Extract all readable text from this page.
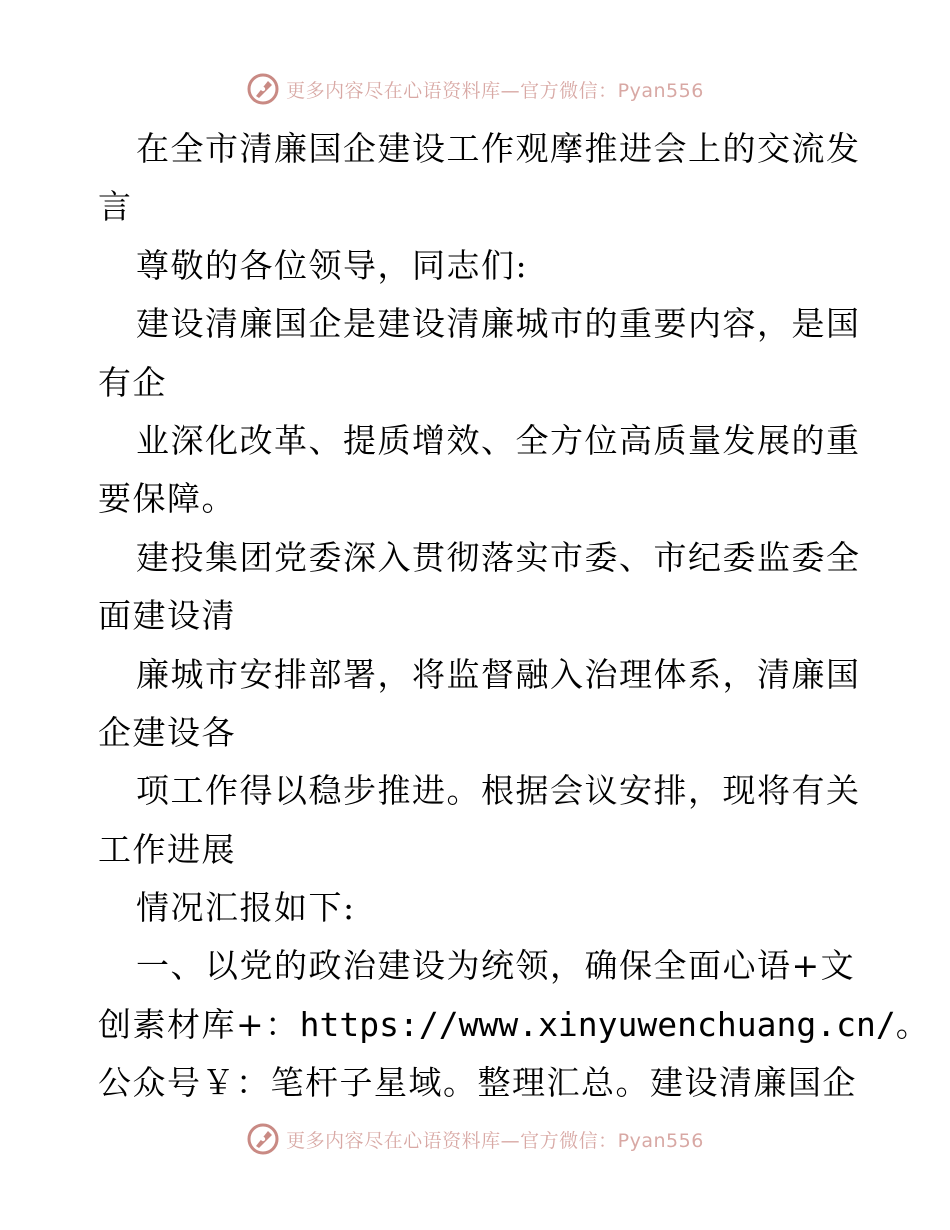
更多内容尽在心语资料库—官方微信：Pyan556
在全市清廉国企建设工作观摩推进会上的交流发
言
尊敬的各位领导，同志们:
建设清廉国企是建设清廉城市的重要内容，是国
有企
业深化改革、提质增效、全方位高质量发展的重
要保障。
建投集团党委深入贯彻落实市委、市纪委监委全
面建设清
廉城市安排部署，将监督融入治理体系，清廉国
企建设各
项工作得以稳步推进。根据会议安排，现将有关
工作进展
情况汇报如下:
一、以党的政治建设为统领，确保全面心语+文
创素材库+：https://www.xinyuwenchuang.cn/。
公众号￥：笔杆子星域。整理汇总。建设清廉国企
更多内容尽在心语资料库—官方微信：Pyan556
